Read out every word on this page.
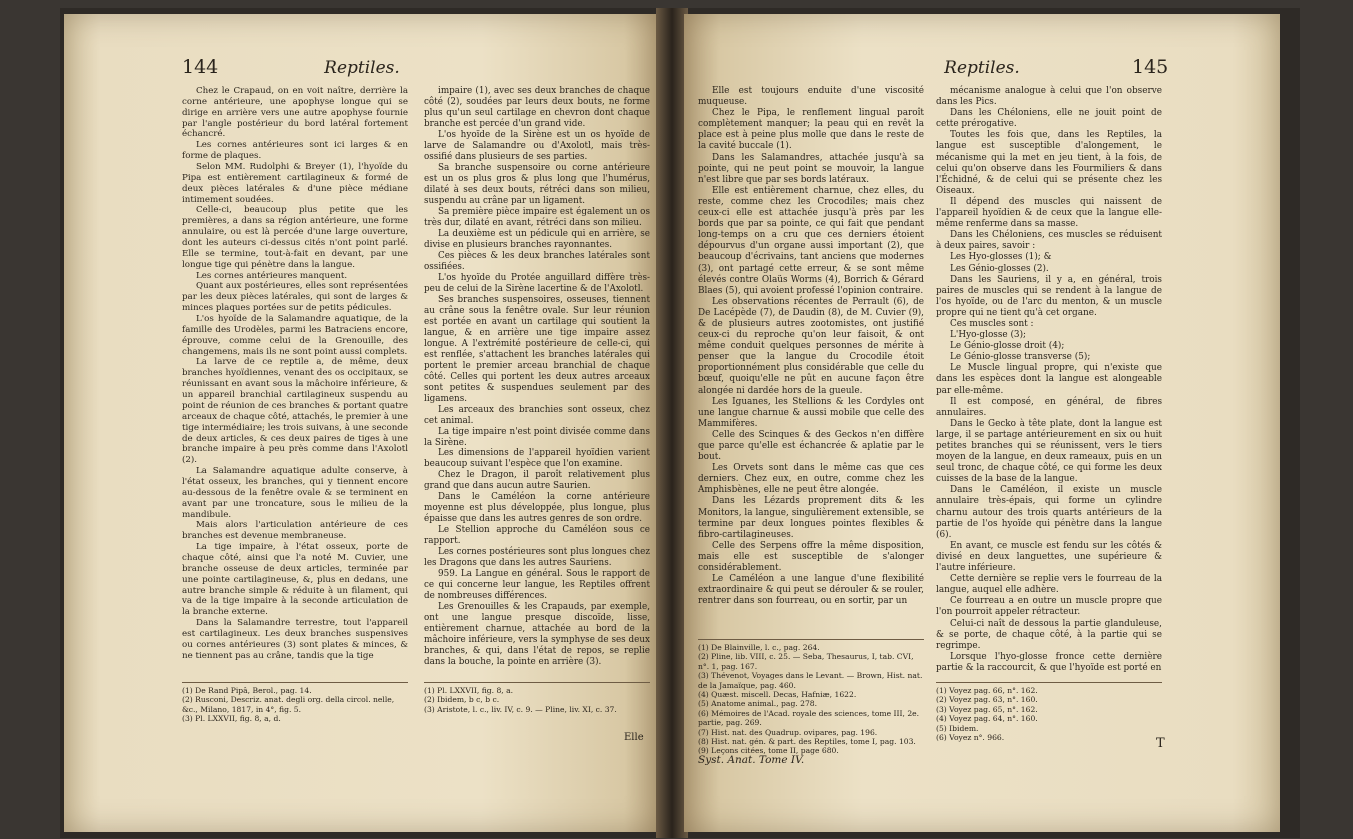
144	Reptiles.

Chez le Crapaud, on en voit naître, derrière la corne antérieure, une apophyse longue qui se dirige en arrière vers une autre apophyse fournie par l'angle postérieur du bord latéral fortement échancré.

Les cornes antérieures sont ici larges & en forme de plaques.

Selon MM. Rudolphi & Breyer (1), l'hyoïde du Pipa est entièrement cartilagineux & formé de deux pièces latérales & d'une pièce médiane intimement soudées.

Celle-ci, beaucoup plus petite que les premières, a dans sa région antérieure, une forme annulaire, ou est là percée d'une large ouverture, dont les auteurs ci-dessus cités n'ont point parlé. Elle se termine, tout-à-fait en devant, par une longue tige qui pénètre dans la langue.

Les cornes antérieures manquent.

Quant aux postérieures, elles sont représentées par les deux pièces latérales, qui sont de larges & minces plaques portées sur de petits pédicules.

L'os hyoïde de la Salamandre aquatique, de la famille des Urodèles, parmi les Batraciens encore, éprouve, comme celui de la Grenouille, des changemens, mais ils ne sont point aussi complets.

La larve de ce reptile a, de même, deux branches hyoïdiennes, venant des os occipitaux, se réunissant en avant sous la mâchoire inférieure, & un appareil branchial cartilagineux suspendu au point de réunion de ces branches & portant quatre arceaux de chaque côté, attachés, le premier à une tige intermédiaire; les trois suivans, à une seconde de deux articles, & ces deux paires de tiges à une branche impaire à peu près comme dans l'Axolotl (2).

La Salamandre aquatique adulte conserve, à l'état osseux, les branches, qui y tiennent encore au-dessous de la fenêtre ovale & se terminent en avant par une troncature, sous le milieu de la mandibule.

Mais alors l'articulation antérieure de ces branches est devenue membraneuse.

La tige impaire, à l'état osseux, porte de chaque côté, ainsi que l'a noté M. Cuvier, une branche osseuse de deux articles, terminée par une pointe cartilagineuse, &, plus en dedans, une autre branche simple & réduite à un filament, qui va de la tige impaire à la seconde articulation de la branche externe.

Dans la Salamandre terrestre, tout l'appareil est cartilagineux. Les deux branches suspensives ou cornes antérieures (3) sont plates & minces, & ne tiennent pas au crâne, tandis que la tige

(1) De Rand Pipâ, Berol., pag. 14.
(2) Rusconi, Descriz. anat. degli org. della circol. nelle, &c., Milano, 1817, in 4°, fig. 5.
(3) Pl. LXXVII, fig. 8, a, d.

impaire (1), avec ses deux branches de chaque côté (2), soudées par leurs deux bouts, ne forme plus qu'un seul cartilage en chevron dont chaque branche est percée d'un grand vide.

L'os hyoïde de la Sirène est un os hyoïde de larve de Salamandre ou d'Axolotl, mais très-ossifié dans plusieurs de ses parties.

Sa branche suspensoire ou corne antérieure est un os plus gros & plus long que l'humérus, dilaté à ses deux bouts, rétréci dans son milieu, suspendu au crâne par un ligament.

Sa première pièce impaire est également un os très dur, dilaté en avant, rétréci dans son milieu.

La deuxième est un pédicule qui en arrière, se divise en plusieurs branches rayonnantes.

Ces pièces & les deux branches latérales sont ossifiées.

L'os hyoïde du Protée anguillard diffère très-peu de celui de la Sirène lacertine & de l'Axolotl.

Ses branches suspensoires, osseuses, tiennent au crâne sous la fenêtre ovale. Sur leur réunion est portée en avant un cartilage qui soutient la langue, & en arrière une tige impaire assez longue. A l'extrémité postérieure de celle-ci, qui est renflée, s'attachent les branches latérales qui portent le premier arceau branchial de chaque côté. Celles qui portent les deux autres arceaux sont petites & suspendues seulement par des ligamens.

Les arceaux des branchies sont osseux, chez cet animal.

La tige impaire n'est point divisée comme dans la Sirène.

Les dimensions de l'appareil hyoïdien varient beaucoup suivant l'espèce que l'on examine.

Chez le Dragon, il paroît relativement plus grand que dans aucun autre Saurien.

Dans le Caméléon la corne antérieure moyenne est plus développée, plus longue, plus épaisse que dans les autres genres de son ordre.

Le Stellion approche du Caméléon sous ce rapport.

Les cornes postérieures sont plus longues chez les Dragons que dans les autres Sauriens.

959. La Langue en général. Sous le rapport de ce qui concerne leur langue, les Reptiles offrent de nombreuses différences.

Les Grenouilles & les Crapauds, par exemple, ont une langue presque discoïde, lisse, entièrement charnue, attachée au bord de la mâchoire inférieure, vers la symphyse de ses deux branches, & qui, dans l'état de repos, se replie dans la bouche, la pointe en arrière (3).

(1) Pl. LXXVII, fig. 8, a.
(2) Ibidem, b c, b c.
(3) Aristote, l. c., liv. IV, c. 9. — Pline, liv. XI, c. 37.
Elle
Reptiles.	145

Elle est toujours enduite d'une viscosité muqueuse.

Chez le Pipa, le renflement lingual paroît complètement manquer; la peau qui en revêt la place est à peine plus molle que dans le reste de la cavité buccale (1).

Dans les Salamandres, attachée jusqu'à sa pointe, qui ne peut point se mouvoir, la langue n'est libre que par ses bords latéraux.

Elle est entièrement charnue, chez elles, du reste, comme chez les Crocodiles; mais chez ceux-ci elle est attachée jusqu'à près par les bords que par sa pointe, ce qui fait que pendant long-temps on a cru que ces derniers étoient dépourvus d'un organe aussi important (2), que beaucoup d'écrivains, tant anciens que modernes (3), ont partagé cette erreur, & se sont même élevés contre Olaüs Worms (4), Borrich & Gérard Blaes (5), qui avoient professé l'opinion contraire.

Les observations récentes de Perrault (6), de De Lacépède (7), de Daudin (8), de M. Cuvier (9), & de plusieurs autres zootomistes, ont justifié ceux-ci du reproche qu'on leur faisoit, & ont même conduit quelques personnes de mérite à penser que la langue du Crocodile étoit proportionnément plus considérable que celle du bœuf, quoiqu'elle ne pût en aucune façon être alongée ni dardée hors de la gueule.

Les Iguanes, les Stellions & les Cordyles ont une langue charnue & aussi mobile que celle des Mammifères.

Celle des Scinques & des Geckos n'en diffère que parce qu'elle est échancrée & aplatie par le bout.

Les Orvets sont dans le même cas que ces derniers. Chez eux, en outre, comme chez les Amphisbènes, elle ne peut être alongée.

Dans les Lézards proprement dits & les Monitors, la langue, singulièrement extensible, se termine par deux longues pointes flexibles & fibro-cartilagineuses.

Celle des Serpens offre la même disposition, mais elle est susceptible de s'alonger considérablement.

Le Caméléon a une langue d'une flexibilité extraordinaire & qui peut se dérouler & se rouler, rentrer dans son fourreau, ou en sortir, par un

(1) De Blainville, l. c., pag. 264.
(2) Pline, lib. VIII, c. 25. — Seba, Thesaurus, I, tab. CVI, n°. 1, pag. 167.
(3) Thévenot, Voyages dans le Levant. — Brown, Hist. nat. de la Jamaïque, pag. 460.
(4) Quæst. miscell. Decas, Hafniæ, 1622.
(5) Anatome animal., pag. 278.
(6) Mémoires de l'Acad. royale des sciences, tome III, 2e. partie, pag. 269.
(7) Hist. nat. des Quadrup. ovipares, pag. 196.
(8) Hist. nat. gén. & part. des Reptiles, tome I, pag. 103.
(9) Leçons citées, tome II, page 680.
Syst. Anat. Tome IV.

mécanisme analogue à celui que l'on observe dans les Pics.

Dans les Chéloniens, elle ne jouit point de cette prérogative.

Toutes les fois que, dans les Reptiles, la langue est susceptible d'alongement, le mécanisme qui la met en jeu tient, à la fois, de celui qu'on observe dans les Fourmiliers & dans l'Échidné, & de celui qui se présente chez les Oiseaux.

Il dépend des muscles qui naissent de l'appareil hyoïdien & de ceux que la langue elle-même renferme dans sa masse.

Dans les Chéloniens, ces muscles se réduisent à deux paires, savoir :

Les Hyo-glosses (1); &

Les Génio-glosses (2).

Dans les Sauriens, il y a, en général, trois paires de muscles qui se rendent à la langue de l'os hyoïde, ou de l'arc du menton, & un muscle propre qui ne tient qu'à cet organe.

Ces muscles sont :

L'Hyo-glosse (3);

Le Génio-glosse droit (4);

Le Génio-glosse transverse (5);

Le Muscle lingual propre, qui n'existe que dans les espèces dont la langue est alongeable par elle-même.

Il est composé, en général, de fibres annulaires.

Dans le Gecko à tête plate, dont la langue est large, il se partage antérieurement en six ou huit petites branches qui se réunissent, vers le tiers moyen de la langue, en deux rameaux, puis en un seul tronc, de chaque côté, ce qui forme les deux cuisses de la base de la langue.

Dans le Caméléon, il existe un muscle annulaire très-épais, qui forme un cylindre charnu autour des trois quarts antérieurs de la partie de l'os hyoïde qui pénètre dans la langue (6).

En avant, ce muscle est fendu sur les côtés & divisé en deux languettes, une supérieure & l'autre inférieure.

Cette dernière se replie vers le fourreau de la langue, auquel elle adhère.

Ce fourreau a en outre un muscle propre que l'on pourroit appeler rétracteur.

Celui-ci naît de dessous la partie glanduleuse, & se porte, de chaque côté, à la partie qui se regrimpe.

Lorsque l'hyo-glosse fronce cette dernière partie & la raccourcit, & que l'hyoïde est porté en

(1) Voyez pag. 66, n°. 162.
(2) Voyez pag. 63, n°. 160.
(3) Voyez pag. 65, n°. 162.
(4) Voyez pag. 64, n°. 160.
(5) Ibidem.
(6) Voyez n°. 966.	T
